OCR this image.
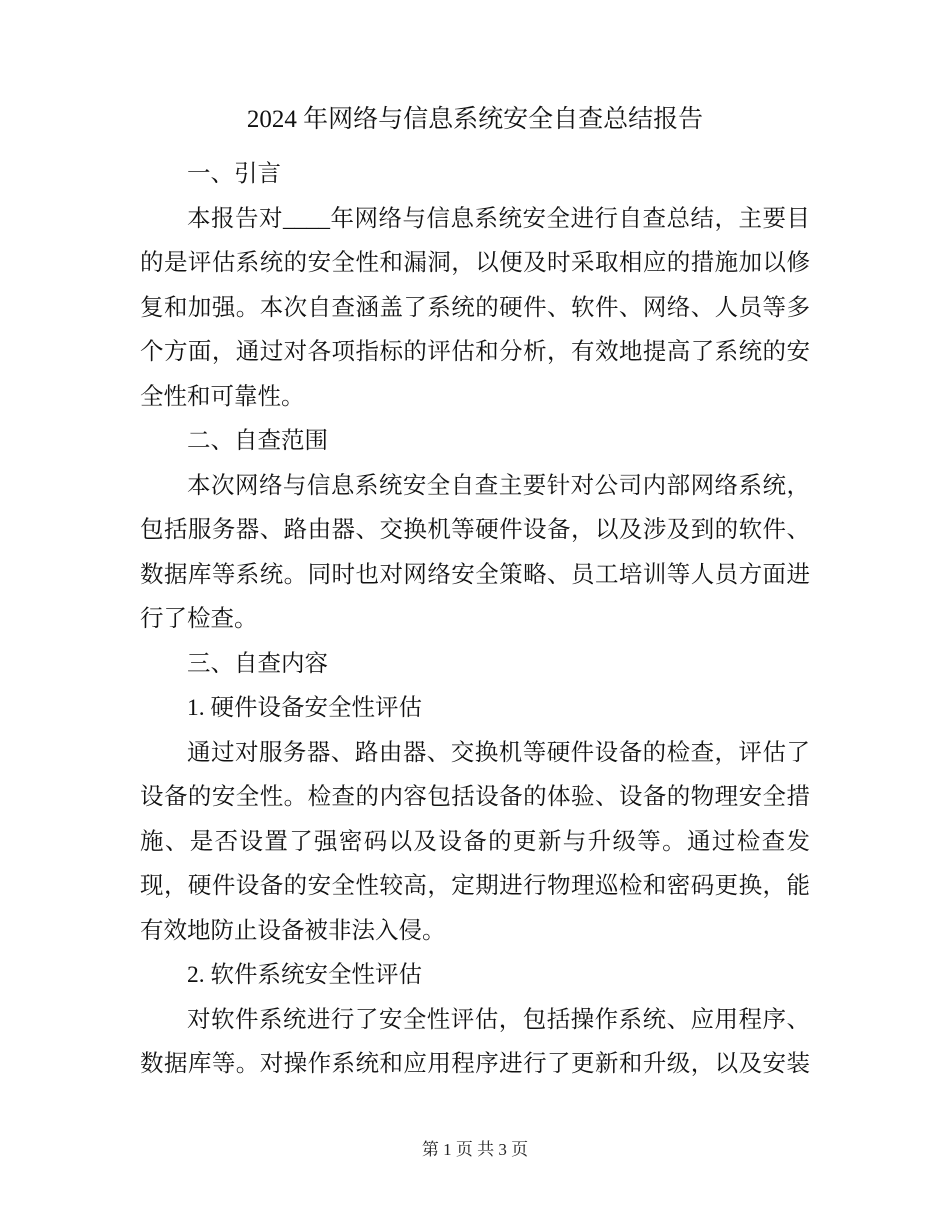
2024 年网络与信息系统安全自查总结报告
一、引言
本报告对____年网络与信息系统安全进行自查总结，主要目
的是评估系统的安全性和漏洞，以便及时采取相应的措施加以修
复和加强。本次自查涵盖了系统的硬件、软件、网络、人员等多
个方面，通过对各项指标的评估和分析，有效地提高了系统的安
全性和可靠性。
二、自查范围
本次网络与信息系统安全自查主要针对公司内部网络系统，
包括服务器、路由器、交换机等硬件设备，以及涉及到的软件、
数据库等系统。同时也对网络安全策略、员工培训等人员方面进
行了检查。
三、自查内容
1. 硬件设备安全性评估
通过对服务器、路由器、交换机等硬件设备的检查，评估了
设备的安全性。检查的内容包括设备的体验、设备的物理安全措
施、是否设置了强密码以及设备的更新与升级等。通过检查发
现，硬件设备的安全性较高，定期进行物理巡检和密码更换，能
有效地防止设备被非法入侵。
2. 软件系统安全性评估
对软件系统进行了安全性评估，包括操作系统、应用程序、
数据库等。对操作系统和应用程序进行了更新和升级，以及安装
第 1 页 共 3 页
